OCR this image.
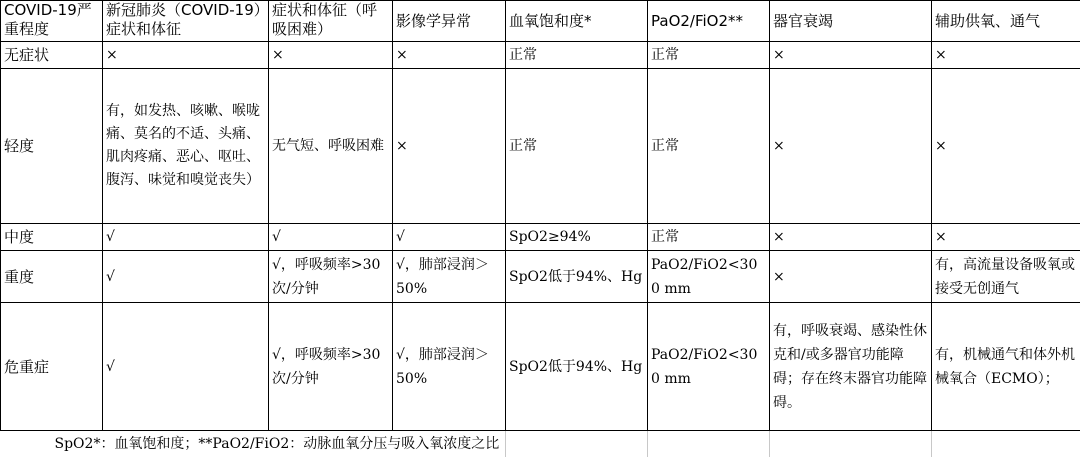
COVID-19严重程度	新冠肺炎（COVID-19）症状和体征	症状和体征（呼吸困难）	影像学异常	血氧饱和度*	PaO2/FiO2**	器官衰竭	辅助供氧、通气
无症状	×	×	×	正常	正常	×	×
轻度	有，如发热、咳嗽、喉咙痛、莫名的不适、头痛、肌肉疼痛、恶心、呕吐、腹泻、味觉和嗅觉丧失）	无气短、呼吸困难	×	正常	正常	×	×
中度	√	√	√	SpO2≥94%	正常	×	×
重度	√	√，呼吸频率>30次/分钟	√，肺部浸润＞50%	SpO2低于94%、Hg	PaO2/FiO2<300 mm	×	有，高流量设备吸氧或接受无创通气
危重症	√	√，呼吸频率>30次/分钟	√，肺部浸润＞50%	SpO2低于94%、Hg	PaO2/FiO2<300 mm	有，呼吸衰竭、感染性休克和/或多器官功能障碍；存在终末器官功能障碍。	有，机械通气和体外机械氧合（ECMO）；
SpO2*：血氧饱和度；**PaO2/FiO2：动脉血氧分压与吸入氧浓度之比							
